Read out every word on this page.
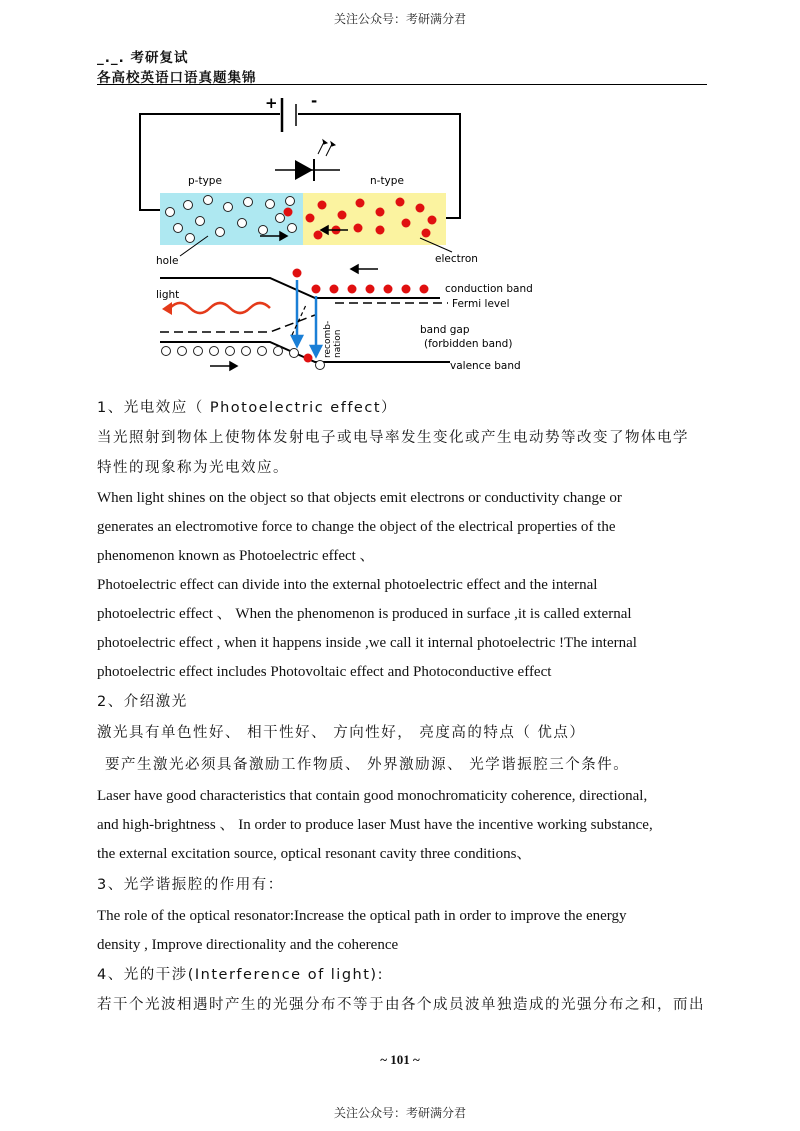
关注公众号：考研满分君
关注公众号：考研满分君
_._. 考研复试
各高校英语口语真题集锦
+ -
p-type	n-type
hole	electron
light	conduction band
Fermi level
band gap
(forbidden band)
valence band
recomb- nation
1、光电效应（ Photoelectric effect）
当光照射到物体上使物体发射电子或电导率发生变化或产生电动势等改变了物体电学
特性的现象称为光电效应。
When light shines on the object so that objects emit electrons or conductivity change or
generates an electromotive force to change the object of the electrical properties of the
phenomenon known as Photoelectric effect 、
Photoelectric effect can divide into the external photoelectric effect and the internal
photoelectric effect 、 When the phenomenon is produced in surface ,it is called external
photoelectric effect , when it happens inside ,we call it internal photoelectric !The internal
photoelectric effect includes Photovoltaic effect and Photoconductive effect
2、介绍激光
激光具有单色性好、 相干性好、 方向性好， 亮度高的特点（ 优点）
要产生激光必须具备激励工作物质、 外界激励源、 光学谐振腔三个条件。
Laser have good characteristics that contain good monochromaticity coherence, directional,
and high-brightness 、 In order to produce laser Must have the incentive working substance,
the external excitation source, optical resonant cavity three conditions、
3、光学谐振腔的作用有：
The role of the optical resonator:Increase the optical path in order to improve the energy
density , Improve directionality and the coherence
4、光的干涉(Interference of light):
若干个光波相遇时产生的光强分布不等于由各个成员波单独造成的光强分布之和，而出
~ 101 ~
